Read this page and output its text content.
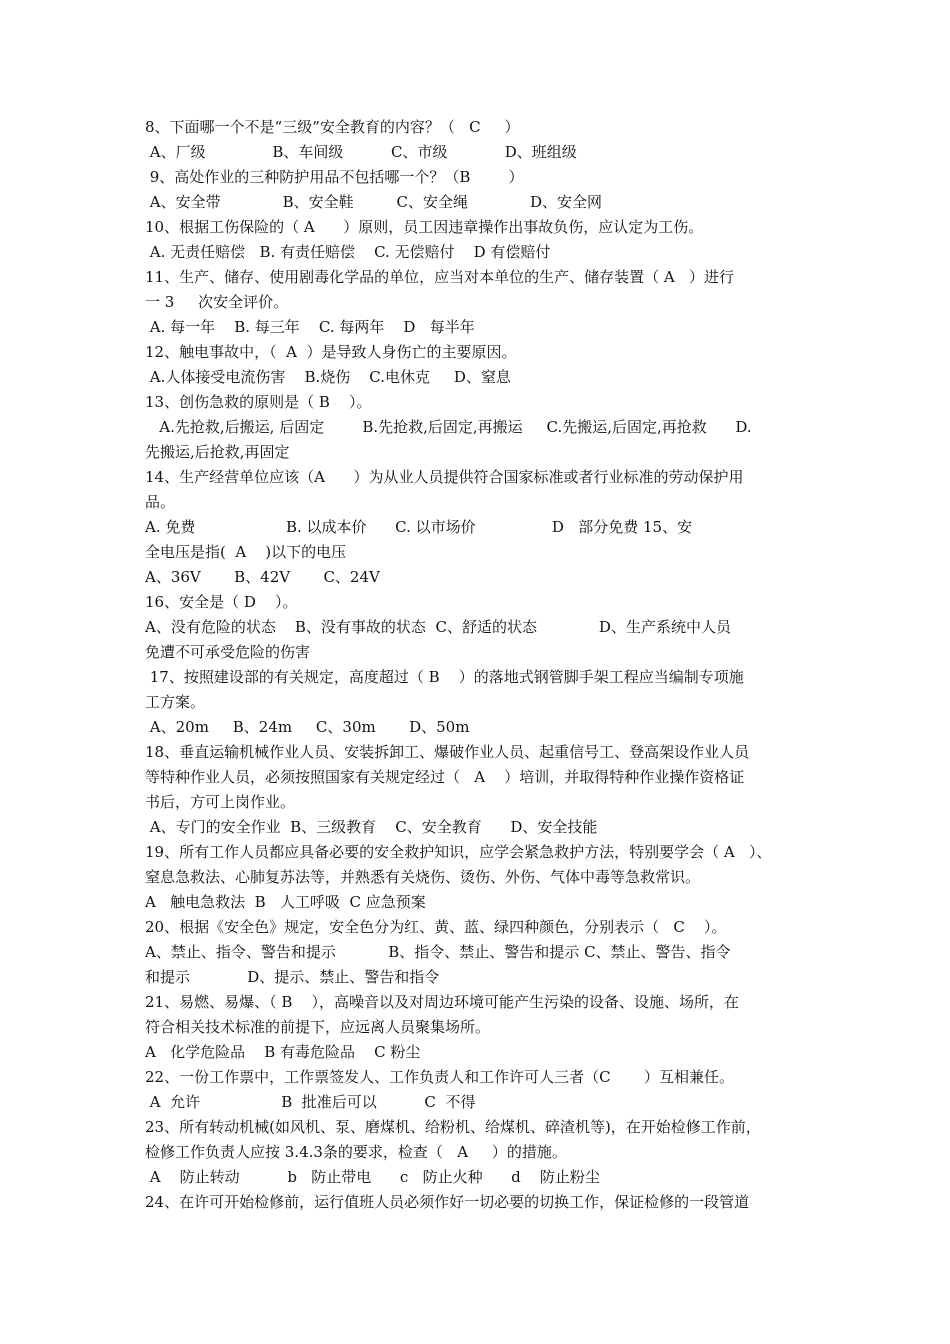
8、下面哪一个不是“三级”安全教育的内容？（   C     ）
A、厂级              B、车间级          C、市级            D、班组级
9、高处作业的三种防护用品不包括哪一个？（B        ）
A、安全带             B、安全鞋         C、安全绳             D、安全网
10、根据工伤保险的（ A      ）原则，员工因违章操作出事故负伤，应认定为工伤。
A. 无责任赔偿   B. 有责任赔偿    C. 无偿赔付    D 有偿赔付
11、生产、储存、使用剧毒化学品的单位，应当对本单位的生产、储存装置（ A   ）进行
一 3     次安全评价。
A. 每一年    B. 每三年    C. 每两年    D   每半年
12、触电事故中，（  A  ）是导致人身伤亡的主要原因。
A.人体接受电流伤害    B.烧伤    C.电休克     D、窒息
13、创伤急救的原则是（ B    ）。
A.先抢救,后搬运, 后固定        B.先抢救,后固定,再搬运     C.先搬运,后固定,再抢救      D.
先搬运,后抢救,再固定
14、生产经营单位应该（A      ）为从业人员提供符合国家标准或者行业标准的劳动保护用
品。
A. 免费                   B. 以成本价      C. 以市场价                D   部分免费 15、安
全电压是指(  A    )以下的电压
A、36V       B、42V       C、24V
16、安全是（ D    ）。
A、没有危险的状态    B、没有事故的状态  C、舒适的状态             D、生产系统中人员
免遭不可承受危险的伤害
17、按照建设部的有关规定，高度超过（ B    ）的落地式钢管脚手架工程应当编制专项施
工方案。
A、20m     B、24m     C、30m       D、50m
18、垂直运输机械作业人员、安装拆卸工、爆破作业人员、起重信号工、登高架设作业人员
等特种作业人员，必须按照国家有关规定经过（   A    ）培训，并取得特种作业操作资格证
书后，方可上岗作业。
A、专门的安全作业  B、三级教育    C、安全教育      D、安全技能
19、所有工作人员都应具备必要的安全救护知识，应学会紧急救护方法，特别要学会（ A   ）、
窒息急救法、心肺复苏法等，并熟悉有关烧伤、烫伤、外伤、气体中毒等急救常识。
A   触电急救法  B   人工呼吸  C 应急预案
20、根据《安全色》规定，安全色分为红、黄、蓝、绿四种颜色，分别表示（   C    ）。
A、禁止、指令、警告和提示           B、指令、禁止、警告和提示 C、禁止、警告、指令
和提示            D、提示、禁止、警告和指令
21、易燃、易爆、（ B    ），高噪音以及对周边环境可能产生污染的设备、设施、场所，在
符合相关技术标准的前提下，应远离人员聚集场所。
A   化学危险品    B 有毒危险品    C 粉尘
22、一份工作票中，工作票签发人、工作负责人和工作许可人三者（C       ）互相兼任。
A  允许                 B  批准后可以          C  不得
23、所有转动机械(如风机、泵、磨煤机、给粉机、给煤机、碎渣机等)，在开始检修工作前，
检修工作负责人应按 3.4.3条的要求，检查（   A     ）的措施。
A    防止转动          b   防止带电      c   防止火种      d    防止粉尘
24、在许可开始检修前，运行值班人员必须作好一切必要的切换工作，保证检修的一段管道
